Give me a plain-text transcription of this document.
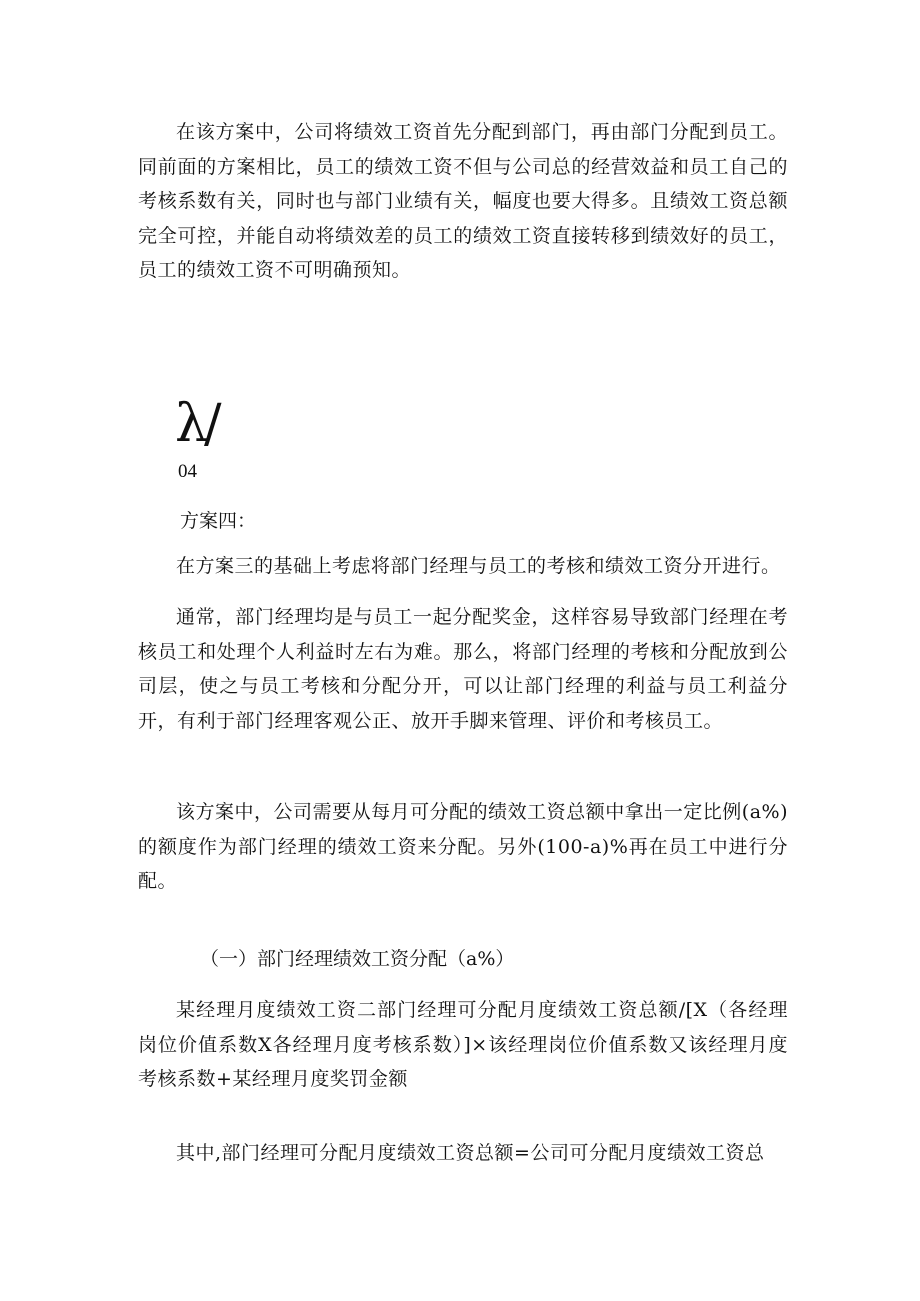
在该方案中，公司将绩效工资首先分配到部门，再由部门分配到员工。同前面的方案相比，员工的绩效工资不但与公司总的经营效益和员工自己的考核系数有关，同时也与部门业绩有关，幅度也要大得多。且绩效工资总额完全可控，并能自动将绩效差的员工的绩效工资直接转移到绩效好的员工，员工的绩效工资不可明确预知。

λ/
04

方案四：

在方案三的基础上考虑将部门经理与员工的考核和绩效工资分开进行。

通常，部门经理均是与员工一起分配奖金，这样容易导致部门经理在考核员工和处理个人利益时左右为难。那么，将部门经理的考核和分配放到公司层，使之与员工考核和分配分开，可以让部门经理的利益与员工利益分开，有利于部门经理客观公正、放开手脚来管理、评价和考核员工。

该方案中，公司需要从每月可分配的绩效工资总额中拿出一定比例(a%)的额度作为部门经理的绩效工资来分配。另外(100-a)%再在员工中进行分配。

（一）部门经理绩效工资分配（a%）

某经理月度绩效工资二部门经理可分配月度绩效工资总额/[X（各经理岗位价值系数X各经理月度考核系数）]×该经理岗位价值系数又该经理月度考核系数+某经理月度奖罚金额

其中,部门经理可分配月度绩效工资总额=公司可分配月度绩效工资总
